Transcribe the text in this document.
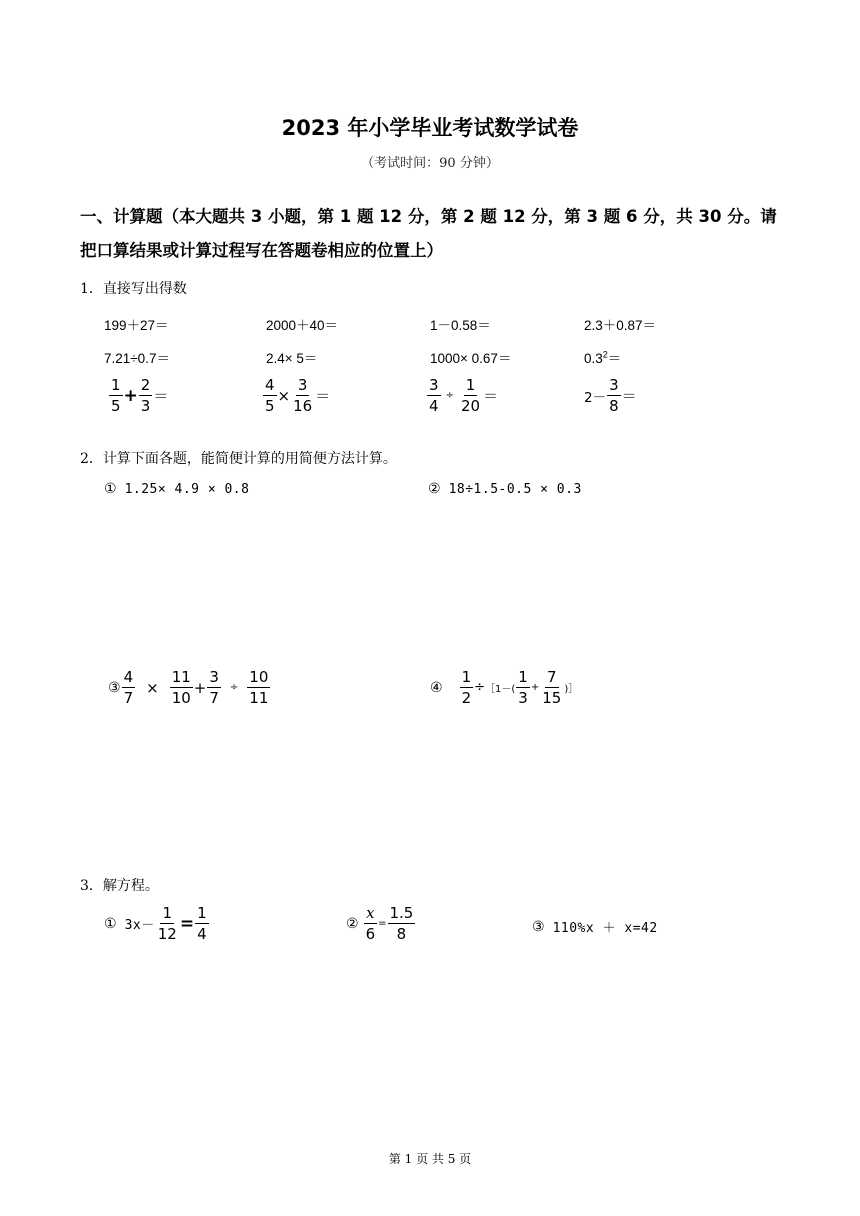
2023 年小学毕业考试数学试卷
（考试时间：90 分钟）
一、计算题（本大题共 3 小题，第 1 题 12 分，第 2 题 12 分，第 3 题 6 分，共 30 分。请把口算结果或计算过程写在答题卷相应的位置上）
1．直接写出得数
199＋27＝	2000＋40＝	1－0.58＝	2.3＋0.87＝
7.21÷0.7＝	2.4× 5＝	1000× 0.67＝	$0.3^2=$
$\frac{1}{5} + \frac{2}{3}$ ＝	$\frac{4}{5} \times \frac{3}{16}$ ＝	$\frac{3}{4} \div \frac{1}{20}$ ＝	$2- \frac{3}{8}$ ＝
2．计算下面各题，能简便计算的用简便方法计算。
① 1.25× 4.9 × 0.8	② 18÷1.5-0.5 × 0.3
③ $\frac{4}{7} \times \frac{11}{10} + \frac{3}{7} \div \frac{10}{11}$	④ $\frac{1}{2}$ ÷ ［1－( $\frac{1}{3} + \frac{7}{15}$ )］
3．解方程。
① $3x- \frac{1}{12} = \frac{1}{4}$	② $\frac{x}{6} = \frac{1.5}{8}$	③ 110%x ＋ x=42
第 1 页 共 5 页
